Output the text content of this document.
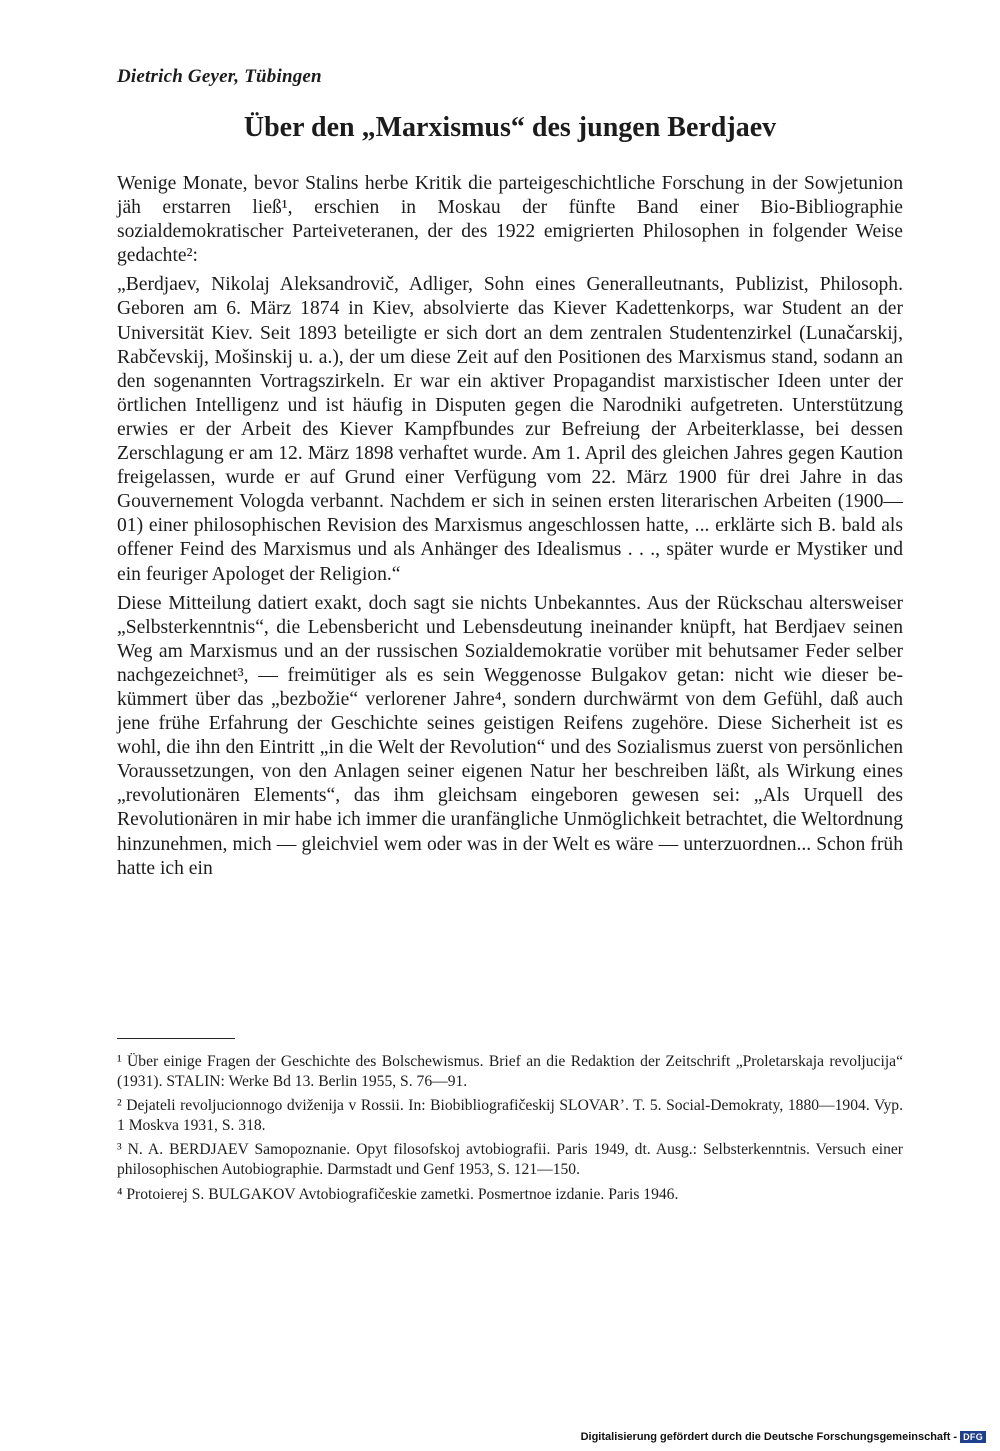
Dietrich Geyer, Tübingen
Über den „Marxismus“ des jungen Berdjaev

Wenige Monate, bevor Stalins herbe Kritik die parteigeschichtliche Forschung in der Sowjetunion jäh erstarren ließ¹, erschien in Moskau der fünfte Band einer Bio-Bibliographie sozialdemokratischer Parteiveteranen, der des 1922 emigrierten Philosophen in folgender Weise gedachte²:

„Berdjaev, Nikolaj Aleksandrovič, Adliger, Sohn eines Generalleutnants, Publizist, Philosoph. Geboren am 6. März 1874 in Kiev, absolvierte das Kiever Kadettenkorps, war Student an der Universität Kiev. Seit 1893 beteiligte er sich dort an dem zentralen Studentenzirkel (Lunačarskij, Rabčevskij, Mošinskij u. a.), der um diese Zeit auf den Positionen des Marxismus stand, sodann an den sogenannten Vortragszirkeln. Er war ein aktiver Propagandist marxistischer Ideen unter der örtlichen Intelligenz und ist häufig in Disputen gegen die Narodniki aufgetreten. Unterstützung erwies er der Arbeit des Kiever Kampfbundes zur Befreiung der Arbeiterklasse, bei dessen Zerschlagung er am 12. März 1898 verhaftet wurde. Am 1. April des gleichen Jahres gegen Kaution freigelassen, wurde er auf Grund einer Verfügung vom 22. März 1900 für drei Jahre in das Gouvernement Vologda verbannt. Nachdem er sich in seinen ersten literarischen Arbeiten (1900—01) einer philosophischen Revision des Marxismus angeschlossen hatte, ... erklärte sich B. bald als offener Feind des Marxismus und als Anhänger des Idealismus . . ., später wurde er Mystiker und ein feuriger Apologet der Religion.“

Diese Mitteilung datiert exakt, doch sagt sie nichts Unbekanntes. Aus der Rückschau altersweiser „Selbsterkenntnis“, die Lebensbericht und Lebensdeutung ineinander knüpft, hat Berdjaev seinen Weg am Marxismus und an der russischen Sozialdemokratie vorüber mit behutsamer Feder selber nachgezeichnet³, — freimütiger als es sein Weggenosse Bulgakov getan: nicht wie dieser bekümmert über das „bezbožie“ verlorener Jahre⁴, sondern durchwärmt von dem Gefühl, daß auch jene frühe Erfahrung der Geschichte seines geistigen Reifens zugehöre. Diese Sicherheit ist es wohl, die ihn den Eintritt „in die Welt der Revolution“ und des Sozialismus zuerst von persönlichen Voraussetzungen, von den Anlagen seiner eigenen Natur her beschreiben läßt, als Wirkung eines „revolutionären Elements“, das ihm gleichsam eingeboren gewesen sei: „Als Urquell des Revolutionären in mir habe ich immer die uranfängliche Unmöglichkeit betrachtet, die Weltordnung hinzunehmen, mich — gleichviel wem oder was in der Welt es wäre — unterzuordnen... Schon früh hatte ich ein

¹ Über einige Fragen der Geschichte des Bolschewismus. Brief an die Redaktion der Zeitschrift „Proletarskaja revoljucija“ (1931). STALIN: Werke Bd 13. Berlin 1955, S. 76—91.

² Dejateli revoljucionnogo dviženija v Rossii. In: Biobibliografičeskij SLOVAR’. T. 5. Social-Demokraty, 1880—1904. Vyp. 1 Moskva 1931, S. 318.

³ N. A. BERDJAEV Samopoznanie. Opyt filosofskoj avtobiografii. Paris 1949, dt. Ausg.: Selbsterkenntnis. Versuch einer philosophischen Autobiographie. Darmstadt und Genf 1953, S. 121—150.

⁴ Protoierej S. BULGAKOV Avtobiografičeskie zametki. Posmertnoe izdanie. Paris 1946.

Digitalisierung gefördert durch die Deutsche Forschungsgemeinschaft - DFG
